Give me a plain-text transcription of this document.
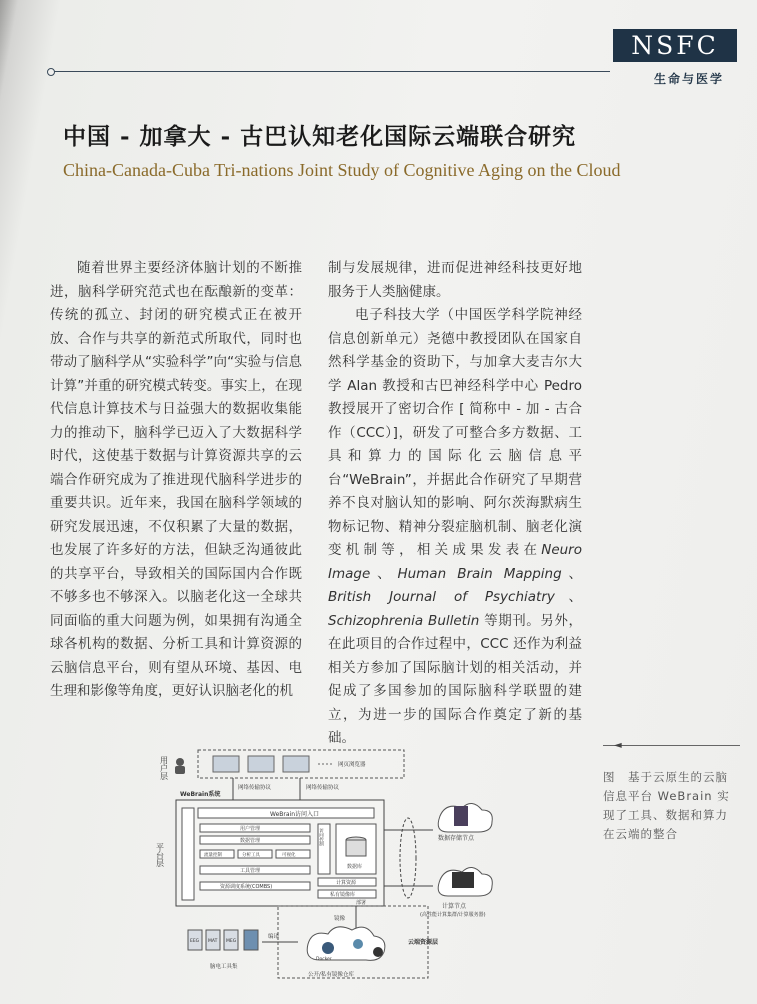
NSFC
生命与医学
中国 - 加拿大 - 古巴认知老化国际云端联合研究
China-Canada-Cuba Tri-nations Joint Study of Cognitive Aging on the Cloud

随着世界主要经济体脑计划的不断推进，脑科学研究范式也在酝酿新的变革：传统的孤立、封闭的研究模式正在被开放、合作与共享的新范式所取代，同时也带动了脑科学从“实验科学”向“实验与信息计算”并重的研究模式转变。事实上，在现代信息计算技术与日益强大的数据收集能力的推动下，脑科学已迈入了大数据科学时代，这使基于数据与计算资源共享的云端合作研究成为了推进现代脑科学进步的重要共识。近年来，我国在脑科学领域的研究发展迅速，不仅积累了大量的数据，也发展了许多好的方法，但缺乏沟通彼此的共享平台，导致相关的国际国内合作既不够多也不够深入。以脑老化这一全球共同面临的重大问题为例，如果拥有沟通全球各机构的数据、分析工具和计算资源的云脑信息平台，则有望从环境、基因、电生理和影像等角度，更好认识脑老化的机

制与发展规律，进而促进神经科技更好地服务于人类脑健康。

电子科技大学（中国医学科学院神经信息创新单元）尧德中教授团队在国家自然科学基金的资助下，与加拿大麦吉尔大学 Alan 教授和古巴神经科学中心 Pedro 教授展开了密切合作 [ 简称中 - 加 - 古合作（CCC）]，研发了可整合多方数据、工具和算力的国际化云脑信息平台“WeBrain”，并据此合作研究了早期营养不良对脑认知的影响、阿尔茨海默病生物标记物、精神分裂症脑机制、脑老化演变机制等，相关成果发表在Neuro Image、Human Brain Mapping、British Journal of Psychiatry、Schizophrenia Bulletin 等期刊。另外，在此项目的合作过程中，CCC 还作为利益相关方参加了国际脑计划的相关活动，并促成了多国参加的国际脑科学联盟的建立，为进一步的国际合作奠定了新的基础。	◄
图　基于云原生的云脑信息平台 WeBrain 实现了工具、数据和算力在云端的整合
用户层	网页浏览器
网络传输协议	网络传输协议
平台层
WeBrain系统
WeBrain访问入口
用户管理
数据管理
流量控制	分析工具	可视化
工具管理
资源调度系统(COMBS)
访问控制
数据库
计算资源
私有镜像库
部署
数据存储节点
计算节点
(高性能计算集群/计算服务器)
镜像
Docker
公开/私有镜像仓库
云端资源层
EEG MAT MEG
编译
脑电工具集
